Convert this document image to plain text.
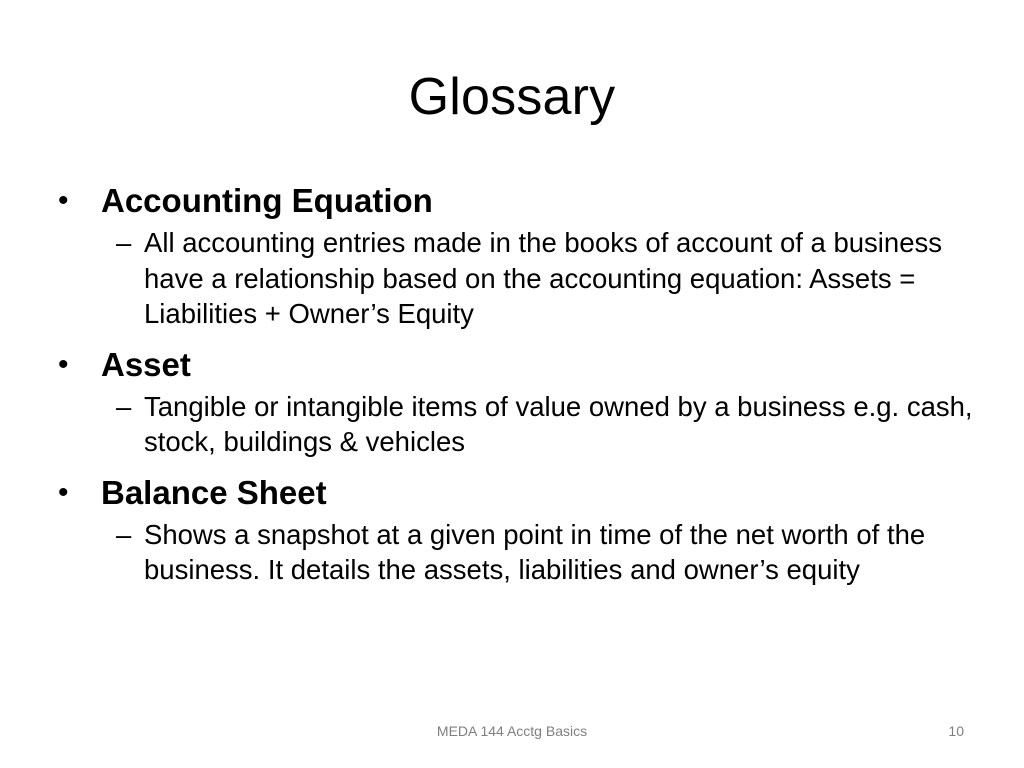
Glossary
• Accounting Equation
– All accounting entries made in the books of account of a business have a relationship based on the accounting equation: Assets = Liabilities + Owner’s Equity
• Asset
– Tangible or intangible items of value owned by a business e.g. cash, stock, buildings & vehicles
• Balance Sheet
– Shows a snapshot at a given point in time of the net worth of the business. It details the assets, liabilities and owner’s equity
MEDA 144 Acctg Basics	10
